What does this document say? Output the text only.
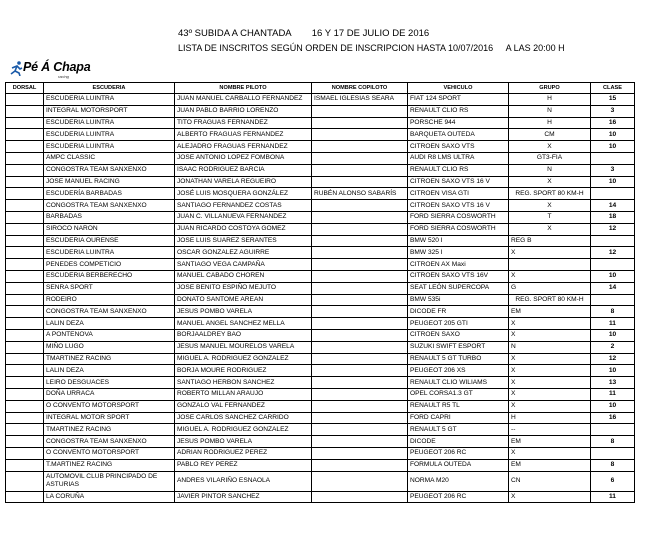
43º SUBIDA A CHANTADA 16 Y 17 DE JULIO DE 2016
LISTA DE INSCRITOS SEGÚN ORDEN DE INSCRIPCION HASTA 10/07/2016 A LAS 20:00 H
Pé Á Chapa
racing
DORSAL	ESCUDERIA	NOMBRE PILOTO	NOMBRE COPILOTO	VEHICULO	GRUPO	CLASE
	ESCUDERIA LUINTRA	JUAN MANUEL CARBALLO FERNANDEZ	ISMAEL IGLESIAS SEARA	FIAT 124 SPORT	H	15
	INTEGRAL MOTORSPORT	JUAN PABLO BARRIO LORENZO		RENAULT CLIO RS	N	3
	ESCUDERIA LUINTRA	TITO FRAGUAS FERNANDEZ		PORSCHE 944	H	16
	ESCUDERIA LUINTRA	ALBERTO FRAGUAS FERNANDEZ		BARQUETA OUTEDA	CM	10
	ESCUDERIA LUINTRA	ALEJADRO FRAGUAS FERNANDEZ		CITROEN SAXO VTS	X	10
	AMPC CLASSIC	JOSE ANTONIO LOPEZ FOMBONA		AUDI R8 LMS ULTRA	GT3-FIA	
	CONGOSTRA TEAM SANXENXO	ISAAC RODRIGUEZ BARCIA		RENAULT CLIO RS	N	3
	JOSE MANUEL RACING	JONATHAN VARELA REGUEIRO		CITROEN SAXO VTS 16 V	X	10
	ESCUDERÍA BARBADAS	JOSÉ LUIS MOSQUERA GONZÁLEZ	RUBÉN ALONSO SABARÍS	CITROEN VISA GTI	REG. SPORT 80 KM-H	
	CONGOSTRA TEAM SANXENXO	SANTIAGO FERNANDEZ COSTAS		CITROEN SAXO VTS 16 V	X	14
	BARBADAS	JUAN C. VILLANUEVA FERNANDEZ		FORD SIERRA COSWORTH	T	18
	SIROCO NARON	JUAN RICARDO COSTOYA GOMEZ		FORD SIERRA COSWORTH	X	12
	ESCUDERIA OURENSE	JOSE LUIS SUAREZ SERANTES		BMW 520 I	REG B	
	ESCUDERIA LUINTRA	OSCAR GONZALEZ AGUIRRE		BMW 325 I	X	12
	PENEDES COMPETICIO	SANTIAGO VEGA CAMPAÑA		CITROEN AX Maxi		
	ESCUDERIA BERBERECHO	MANUEL CABADO CHOREN		CITROEN SAXO VTS 16V	X	10
	SENRA SPORT	JOSE BENITO ESPIÑO MEJUTO		SEAT LEÓN SUPERCOPA	G	14
	RODEIRO	DONATO SANTOME AREAN		BMW 535i	REG. SPORT 80 KM-H	
	CONGOSTRA TEAM SANXENXO	JESUS POMBO VARELA		DICODE FR	EM	8
	LALIN DEZA	MANUEL ANGEL SANCHEZ MELLA		PEUGEOT 205 GTI	X	11
	A PONTENOVA	BORJAALDREY BAO		CITROEN SAXO	X	10
	MIÑO LUGO	JESUS MANUEL MOURELOS VARELA		SUZUKI SWIFT ESPORT	N	2
	TMARTINEZ RACING	MIGUEL A. RODRIGUEZ GONZALEZ		RENAULT 5 GT TURBO	X	12
	LALIN DEZA	BORJA MOURE RODRIGUEZ		PEUGEOT 206 XS	X	10
	LEIRO DESGUACES	SANTIAGO HERBON SANCHEZ		RENAULT CLIO WILIAMS	X	13
	DOÑA URRACA	ROBERTO MILLAN ARAUJO		OPEL CORSA1.3 GT	X	11
	O CONVENTO MOTORSPORT	GONZALO VAL FERNANDEZ		RENAULT R5 TL	X	10
	INTEGRAL MOTOR SPORT	JOSE CARLOS SANCHEZ CARRIDO		FORD CAPRI	H	16
	TMARTINEZ RACING	MIGUEL A. RODRIGUEZ GONZALEZ		RENAULT 5 GT	--	
	CONGOSTRA TEAM SANXENXO	JESUS POMBO VARELA		DICODE	EM	8
	O CONVENTO MOTORSPORT	ADRIAN RODRIGUEZ PEREZ		PEUGEOT 206 RC	X	
	T.MARTINEZ RACING	PABLO REY PEREZ		FORMULA OUTEDA	EM	8
	AUTOMOVIL CLUB PRINCIPADO DE ASTURIAS	ANDRES VILARIÑO ESNAOLA		NORMA M20	CN	6
	LA CORUÑA	JAVIER PINTOR SANCHEZ		PEUGEOT 206 RC	X	11
